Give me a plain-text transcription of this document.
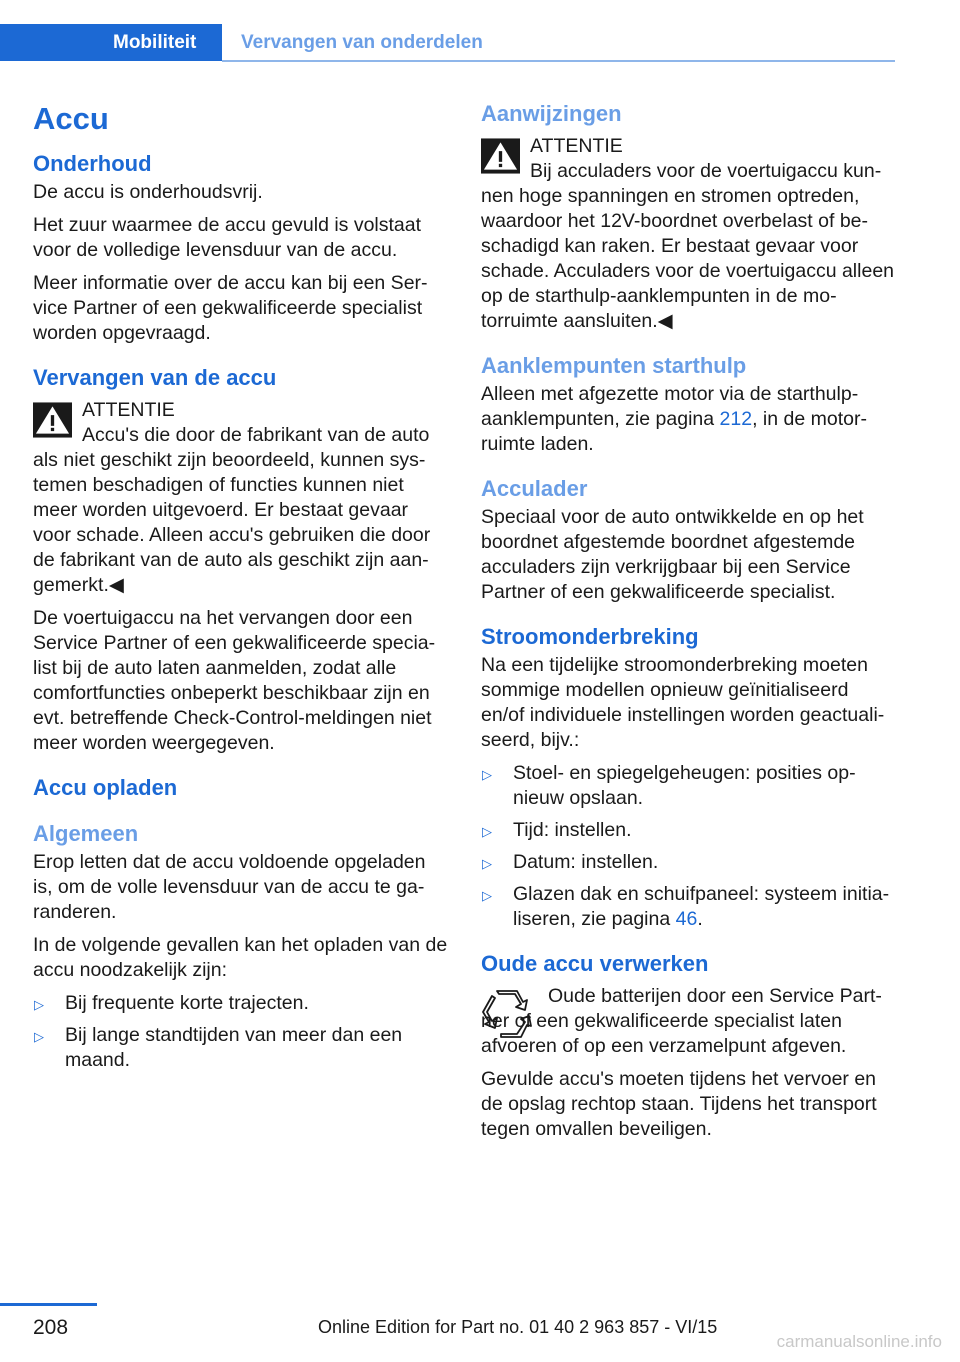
Mobiliteit	Vervangen van onderdelen
Accu
Onderhoud

De accu is onderhoudsvrij.

Het zuur waarmee de accu gevuld is volstaat voor de volledige levensduur van de accu.

Meer informatie over de accu kan bij een Service Partner of een gekwalificeerde specialist worden opgevraagd.

Vervangen van de accu
ATTENTIE
Accu's die door de fabrikant van de auto als niet geschikt zijn beoordeeld, kunnen systemen beschadigen of functies kunnen niet meer worden uitgevoerd. Er bestaat gevaar voor schade. Alleen accu's gebruiken die door de fabrikant van de auto als geschikt zijn aangemerkt.◀

De voertuigaccu na het vervangen door een Service Partner of een gekwalificeerde specialist bij de auto laten aanmelden, zodat alle comfortfuncties onbeperkt beschikbaar zijn en evt. betreffende Check-Control-meldingen niet meer worden weergegeven.

Accu opladen
Algemeen

Erop letten dat de accu voldoende opgeladen is, om de volle levensduur van de accu te garanderen.

In de volgende gevallen kan het opladen van de accu noodzakelijk zijn:

▷ Bij frequente korte trajecten.
▷ Bij lange standtijden van meer dan een maand.
Aanwijzingen
ATTENTIE
Bij acculaders voor de voertuigaccu kunnen hoge spanningen en stromen optreden, waardoor het 12V-boordnet overbelast of beschadigd kan raken. Er bestaat gevaar voor schade. Acculaders voor de voertuigaccu alleen op de starthulp-aanklempunten in de motorruimte aansluiten.◀
Aanklempunten starthulp

Alleen met afgezette motor via de starthulp-aanklempunten, zie pagina 212, in de motorruimte laden.

Acculader

Speciaal voor de auto ontwikkelde en op het boordnet afgestemde boordnet afgestemde acculaders zijn verkrijgbaar bij een Service Partner of een gekwalificeerde specialist.

Stroomonderbreking

Na een tijdelijke stroomonderbreking moeten sommige modellen opnieuw geïnitialiseerd en/of individuele instellingen worden geactualiseerd, bijv.:

▷ Stoel- en spiegelgeheugen: posities opnieuw opslaan.
▷ Tijd: instellen.
▷ Datum: instellen.
▷ Glazen dak en schuifpaneel: systeem initialiseren, zie pagina 46.
Oude accu verwerken
Oude batterijen door een Service Partner of een gekwalificeerde specialist laten afvoeren of op een verzamelpunt afgeven.

Gevulde accu's moeten tijdens het vervoer en de opslag rechtop staan. Tijdens het transport tegen omvallen beveiligen.

208	Online Edition for Part no. 01 40 2 963 857 - VI/15
carmanualsonline.info
